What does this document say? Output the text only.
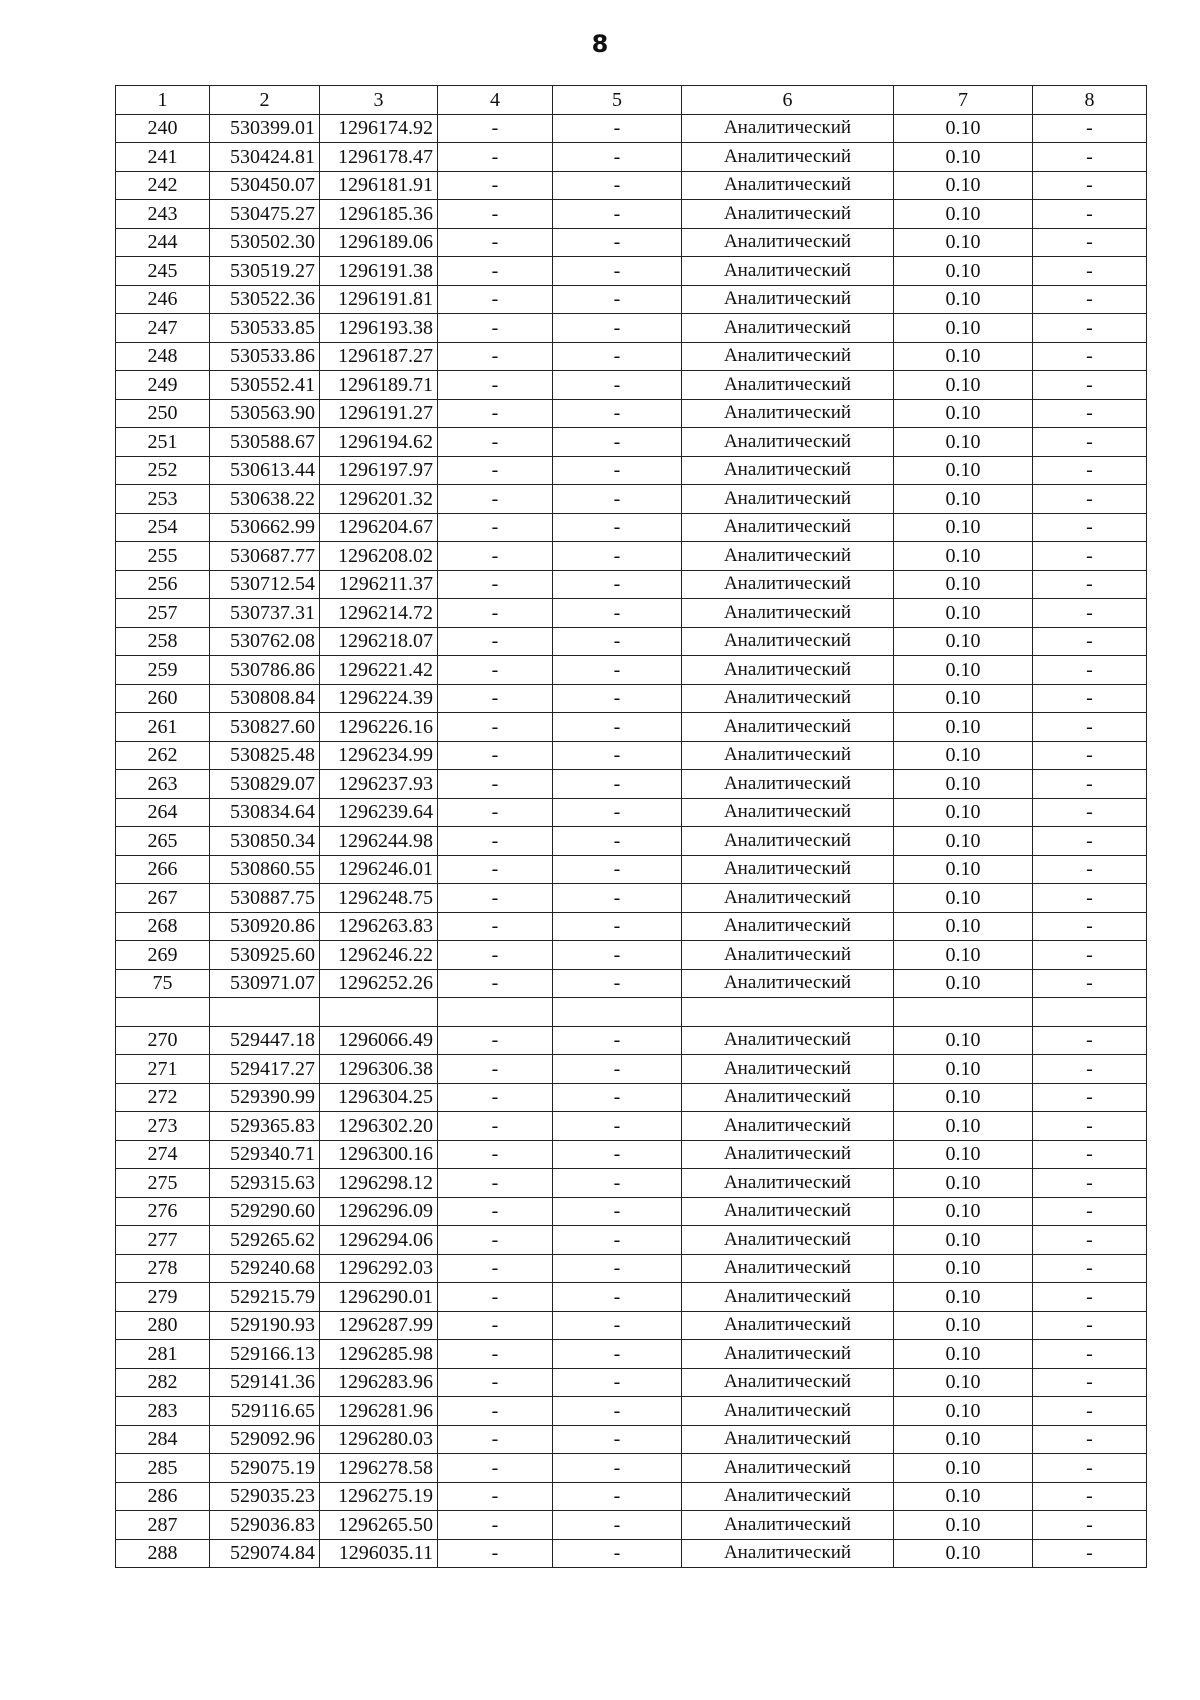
8
1	2	3	4	5	6	7	8
240	530399.01	1296174.92	-	-	Аналитический	0.10	-
241	530424.81	1296178.47	-	-	Аналитический	0.10	-
242	530450.07	1296181.91	-	-	Аналитический	0.10	-
243	530475.27	1296185.36	-	-	Аналитический	0.10	-
244	530502.30	1296189.06	-	-	Аналитический	0.10	-
245	530519.27	1296191.38	-	-	Аналитический	0.10	-
246	530522.36	1296191.81	-	-	Аналитический	0.10	-
247	530533.85	1296193.38	-	-	Аналитический	0.10	-
248	530533.86	1296187.27	-	-	Аналитический	0.10	-
249	530552.41	1296189.71	-	-	Аналитический	0.10	-
250	530563.90	1296191.27	-	-	Аналитический	0.10	-
251	530588.67	1296194.62	-	-	Аналитический	0.10	-
252	530613.44	1296197.97	-	-	Аналитический	0.10	-
253	530638.22	1296201.32	-	-	Аналитический	0.10	-
254	530662.99	1296204.67	-	-	Аналитический	0.10	-
255	530687.77	1296208.02	-	-	Аналитический	0.10	-
256	530712.54	1296211.37	-	-	Аналитический	0.10	-
257	530737.31	1296214.72	-	-	Аналитический	0.10	-
258	530762.08	1296218.07	-	-	Аналитический	0.10	-
259	530786.86	1296221.42	-	-	Аналитический	0.10	-
260	530808.84	1296224.39	-	-	Аналитический	0.10	-
261	530827.60	1296226.16	-	-	Аналитический	0.10	-
262	530825.48	1296234.99	-	-	Аналитический	0.10	-
263	530829.07	1296237.93	-	-	Аналитический	0.10	-
264	530834.64	1296239.64	-	-	Аналитический	0.10	-
265	530850.34	1296244.98	-	-	Аналитический	0.10	-
266	530860.55	1296246.01	-	-	Аналитический	0.10	-
267	530887.75	1296248.75	-	-	Аналитический	0.10	-
268	530920.86	1296263.83	-	-	Аналитический	0.10	-
269	530925.60	1296246.22	-	-	Аналитический	0.10	-
75	530971.07	1296252.26	-	-	Аналитический	0.10	-

270	529447.18	1296066.49	-	-	Аналитический	0.10	-
271	529417.27	1296306.38	-	-	Аналитический	0.10	-
272	529390.99	1296304.25	-	-	Аналитический	0.10	-
273	529365.83	1296302.20	-	-	Аналитический	0.10	-
274	529340.71	1296300.16	-	-	Аналитический	0.10	-
275	529315.63	1296298.12	-	-	Аналитический	0.10	-
276	529290.60	1296296.09	-	-	Аналитический	0.10	-
277	529265.62	1296294.06	-	-	Аналитический	0.10	-
278	529240.68	1296292.03	-	-	Аналитический	0.10	-
279	529215.79	1296290.01	-	-	Аналитический	0.10	-
280	529190.93	1296287.99	-	-	Аналитический	0.10	-
281	529166.13	1296285.98	-	-	Аналитический	0.10	-
282	529141.36	1296283.96	-	-	Аналитический	0.10	-
283	529116.65	1296281.96	-	-	Аналитический	0.10	-
284	529092.96	1296280.03	-	-	Аналитический	0.10	-
285	529075.19	1296278.58	-	-	Аналитический	0.10	-
286	529035.23	1296275.19	-	-	Аналитический	0.10	-
287	529036.83	1296265.50	-	-	Аналитический	0.10	-
288	529074.84	1296035.11	-	-	Аналитический	0.10	-
